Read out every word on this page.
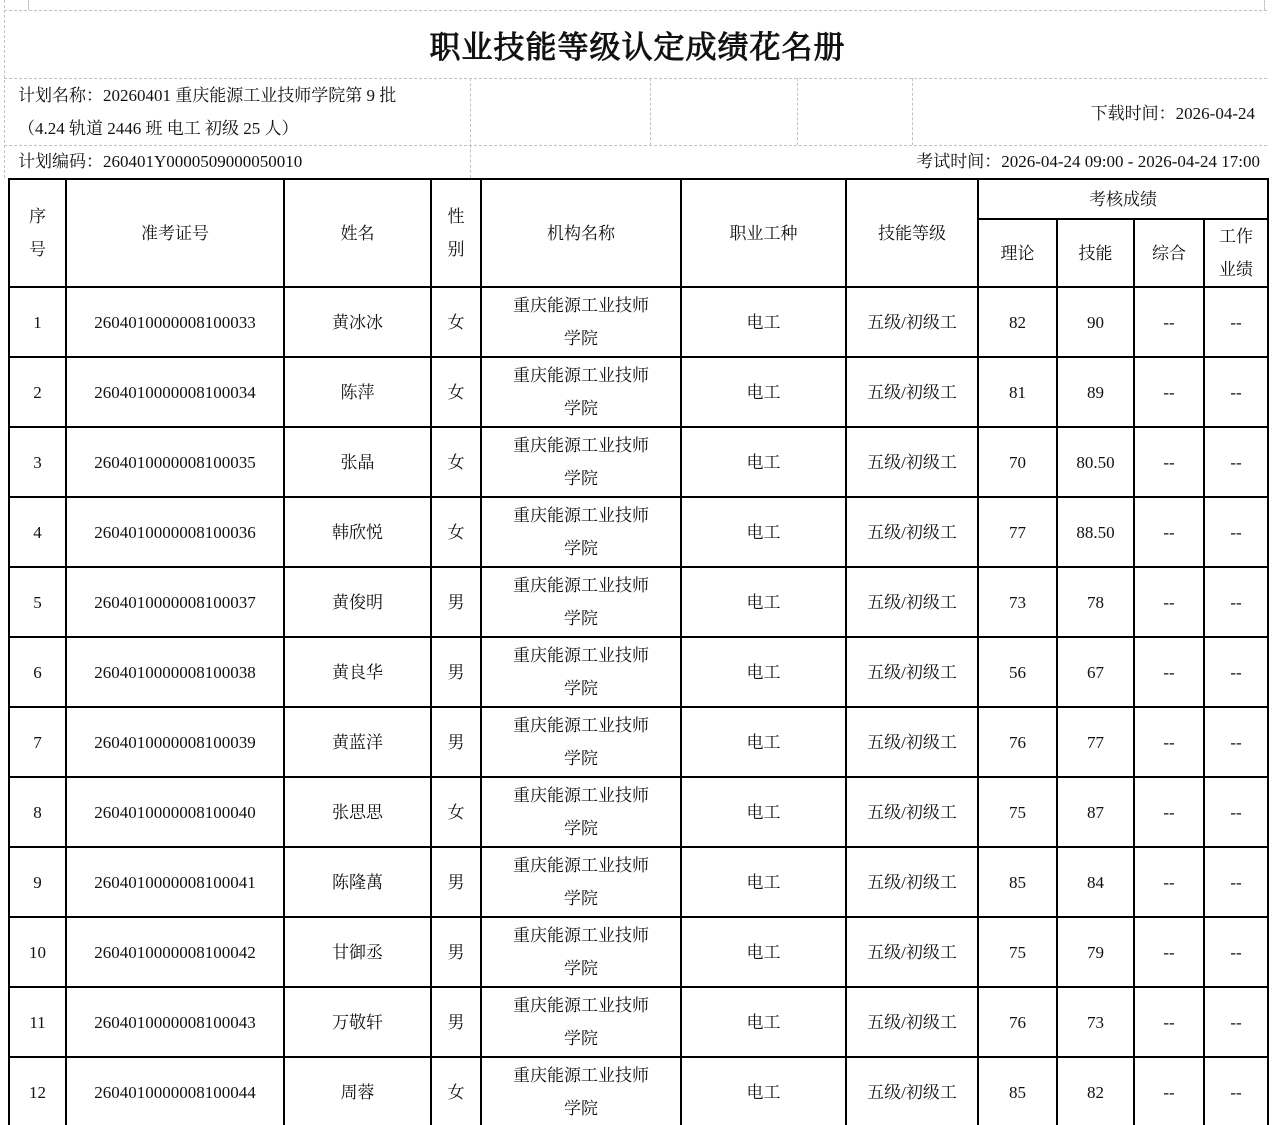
职业技能等级认定成绩花名册
计划名称：20260401 重庆能源工业技师学院第 9 批
（4.24 轨道 2446 班 电工 初级 25 人）
下载时间：2026-04-24
计划编码：260401Y0000509000050010	考试时间：2026-04-24 09:00 - 2026-04-24 17:00
序号	准考证号	姓名	性别	机构名称	职业工种	技能等级	考核成绩			
							理论	技能	综合	工作业绩
1	2604010000008100033	黄冰冰	女	重庆能源工业技师学院	电工	五级/初级工	82	90	--	--
2	2604010000008100034	陈萍	女	重庆能源工业技师学院	电工	五级/初级工	81	89	--	--
3	2604010000008100035	张晶	女	重庆能源工业技师学院	电工	五级/初级工	70	80.50	--	--
4	2604010000008100036	韩欣悦	女	重庆能源工业技师学院	电工	五级/初级工	77	88.50	--	--
5	2604010000008100037	黄俊明	男	重庆能源工业技师学院	电工	五级/初级工	73	78	--	--
6	2604010000008100038	黄良华	男	重庆能源工业技师学院	电工	五级/初级工	56	67	--	--
7	2604010000008100039	黄蓝洋	男	重庆能源工业技师学院	电工	五级/初级工	76	77	--	--
8	2604010000008100040	张思思	女	重庆能源工业技师学院	电工	五级/初级工	75	87	--	--
9	2604010000008100041	陈隆萬	男	重庆能源工业技师学院	电工	五级/初级工	85	84	--	--
10	2604010000008100042	甘御丞	男	重庆能源工业技师学院	电工	五级/初级工	75	79	--	--
11	2604010000008100043	万敬轩	男	重庆能源工业技师学院	电工	五级/初级工	76	73	--	--
12	2604010000008100044	周蓉	女	重庆能源工业技师学院	电工	五级/初级工	85	82	--	--
